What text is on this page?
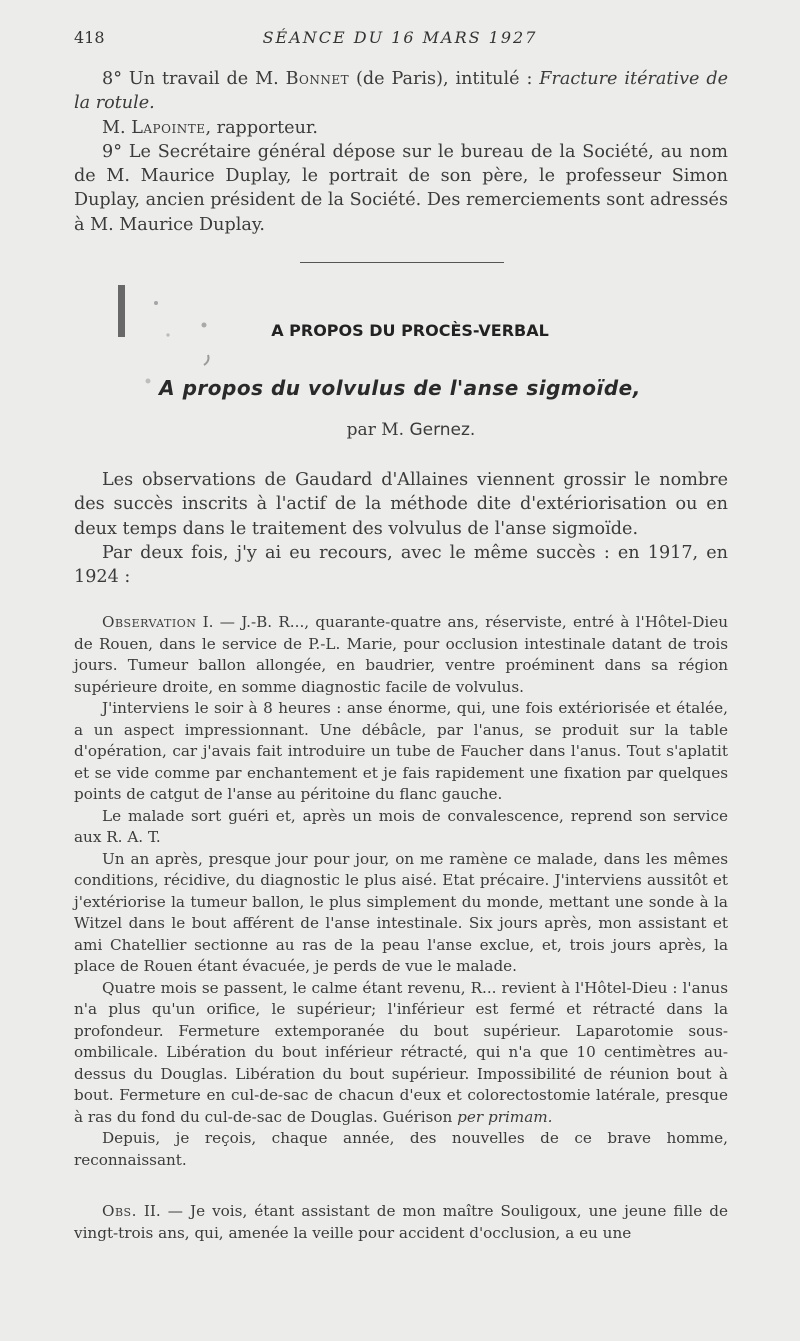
418	SÉANCE DU 16 MARS 1927

8° Un travail de M. Bonnet (de Paris), intitulé : Fracture itérative de la rotule.

M. Lapointe, rapporteur.

9° Le Secrétaire général dépose sur le bureau de la Société, au nom de M. Maurice Duplay, le portrait de son père, le professeur Simon Duplay, ancien président de la Société. Des remerciements sont adressés à M. Maurice Duplay.

A PROPOS DU PROCÈS-VERBAL
A propos du volvulus de l'anse sigmoïde,
par M. Gernez.

Les observations de Gaudard d'Allaines viennent grossir le nombre des succès inscrits à l'actif de la méthode dite d'extériorisation ou en deux temps dans le traitement des volvulus de l'anse sigmoïde.

Par deux fois, j'y ai eu recours, avec le même succès : en 1917, en 1924 :

Observation I. — J.-B. R..., quarante-quatre ans, réserviste, entré à l'Hôtel-Dieu de Rouen, dans le service de P.-L. Marie, pour occlusion intestinale datant de trois jours. Tumeur ballon allongée, en baudrier, ventre proéminent dans sa région supérieure droite, en somme diagnostic facile de volvulus.

J'interviens le soir à 8 heures : anse énorme, qui, une fois extériorisée et étalée, a un aspect impressionnant. Une débâcle, par l'anus, se produit sur la table d'opération, car j'avais fait introduire un tube de Faucher dans l'anus. Tout s'aplatit et se vide comme par enchantement et je fais rapidement une fixation par quelques points de catgut de l'anse au péritoine du flanc gauche.

Le malade sort guéri et, après un mois de convalescence, reprend son service aux R. A. T.

Un an après, presque jour pour jour, on me ramène ce malade, dans les mêmes conditions, récidive, du diagnostic le plus aisé. Etat précaire. J'interviens aussitôt et j'extériorise la tumeur ballon, le plus simplement du monde, mettant une sonde à la Witzel dans le bout afférent de l'anse intestinale. Six jours après, mon assistant et ami Chatellier sectionne au ras de la peau l'anse exclue, et, trois jours après, la place de Rouen étant évacuée, je perds de vue le malade.

Quatre mois se passent, le calme étant revenu, R... revient à l'Hôtel-Dieu : l'anus n'a plus qu'un orifice, le supérieur; l'inférieur est fermé et rétracté dans la profondeur. Fermeture extemporanée du bout supérieur. Laparotomie sous-ombilicale. Libération du bout inférieur rétracté, qui n'a que 10 centimètres au-dessus du Douglas. Libération du bout supérieur. Impossibilité de réunion bout à bout. Fermeture en cul-de-sac de chacun d'eux et colorectostomie latérale, presque à ras du fond du cul-de-sac de Douglas. Guérison per primam.

Depuis, je reçois, chaque année, des nouvelles de ce brave homme, reconnaissant.

Obs. II. — Je vois, étant assistant de mon maître Souligoux, une jeune fille de vingt-trois ans, qui, amenée la veille pour accident d'occlusion, a eu une
